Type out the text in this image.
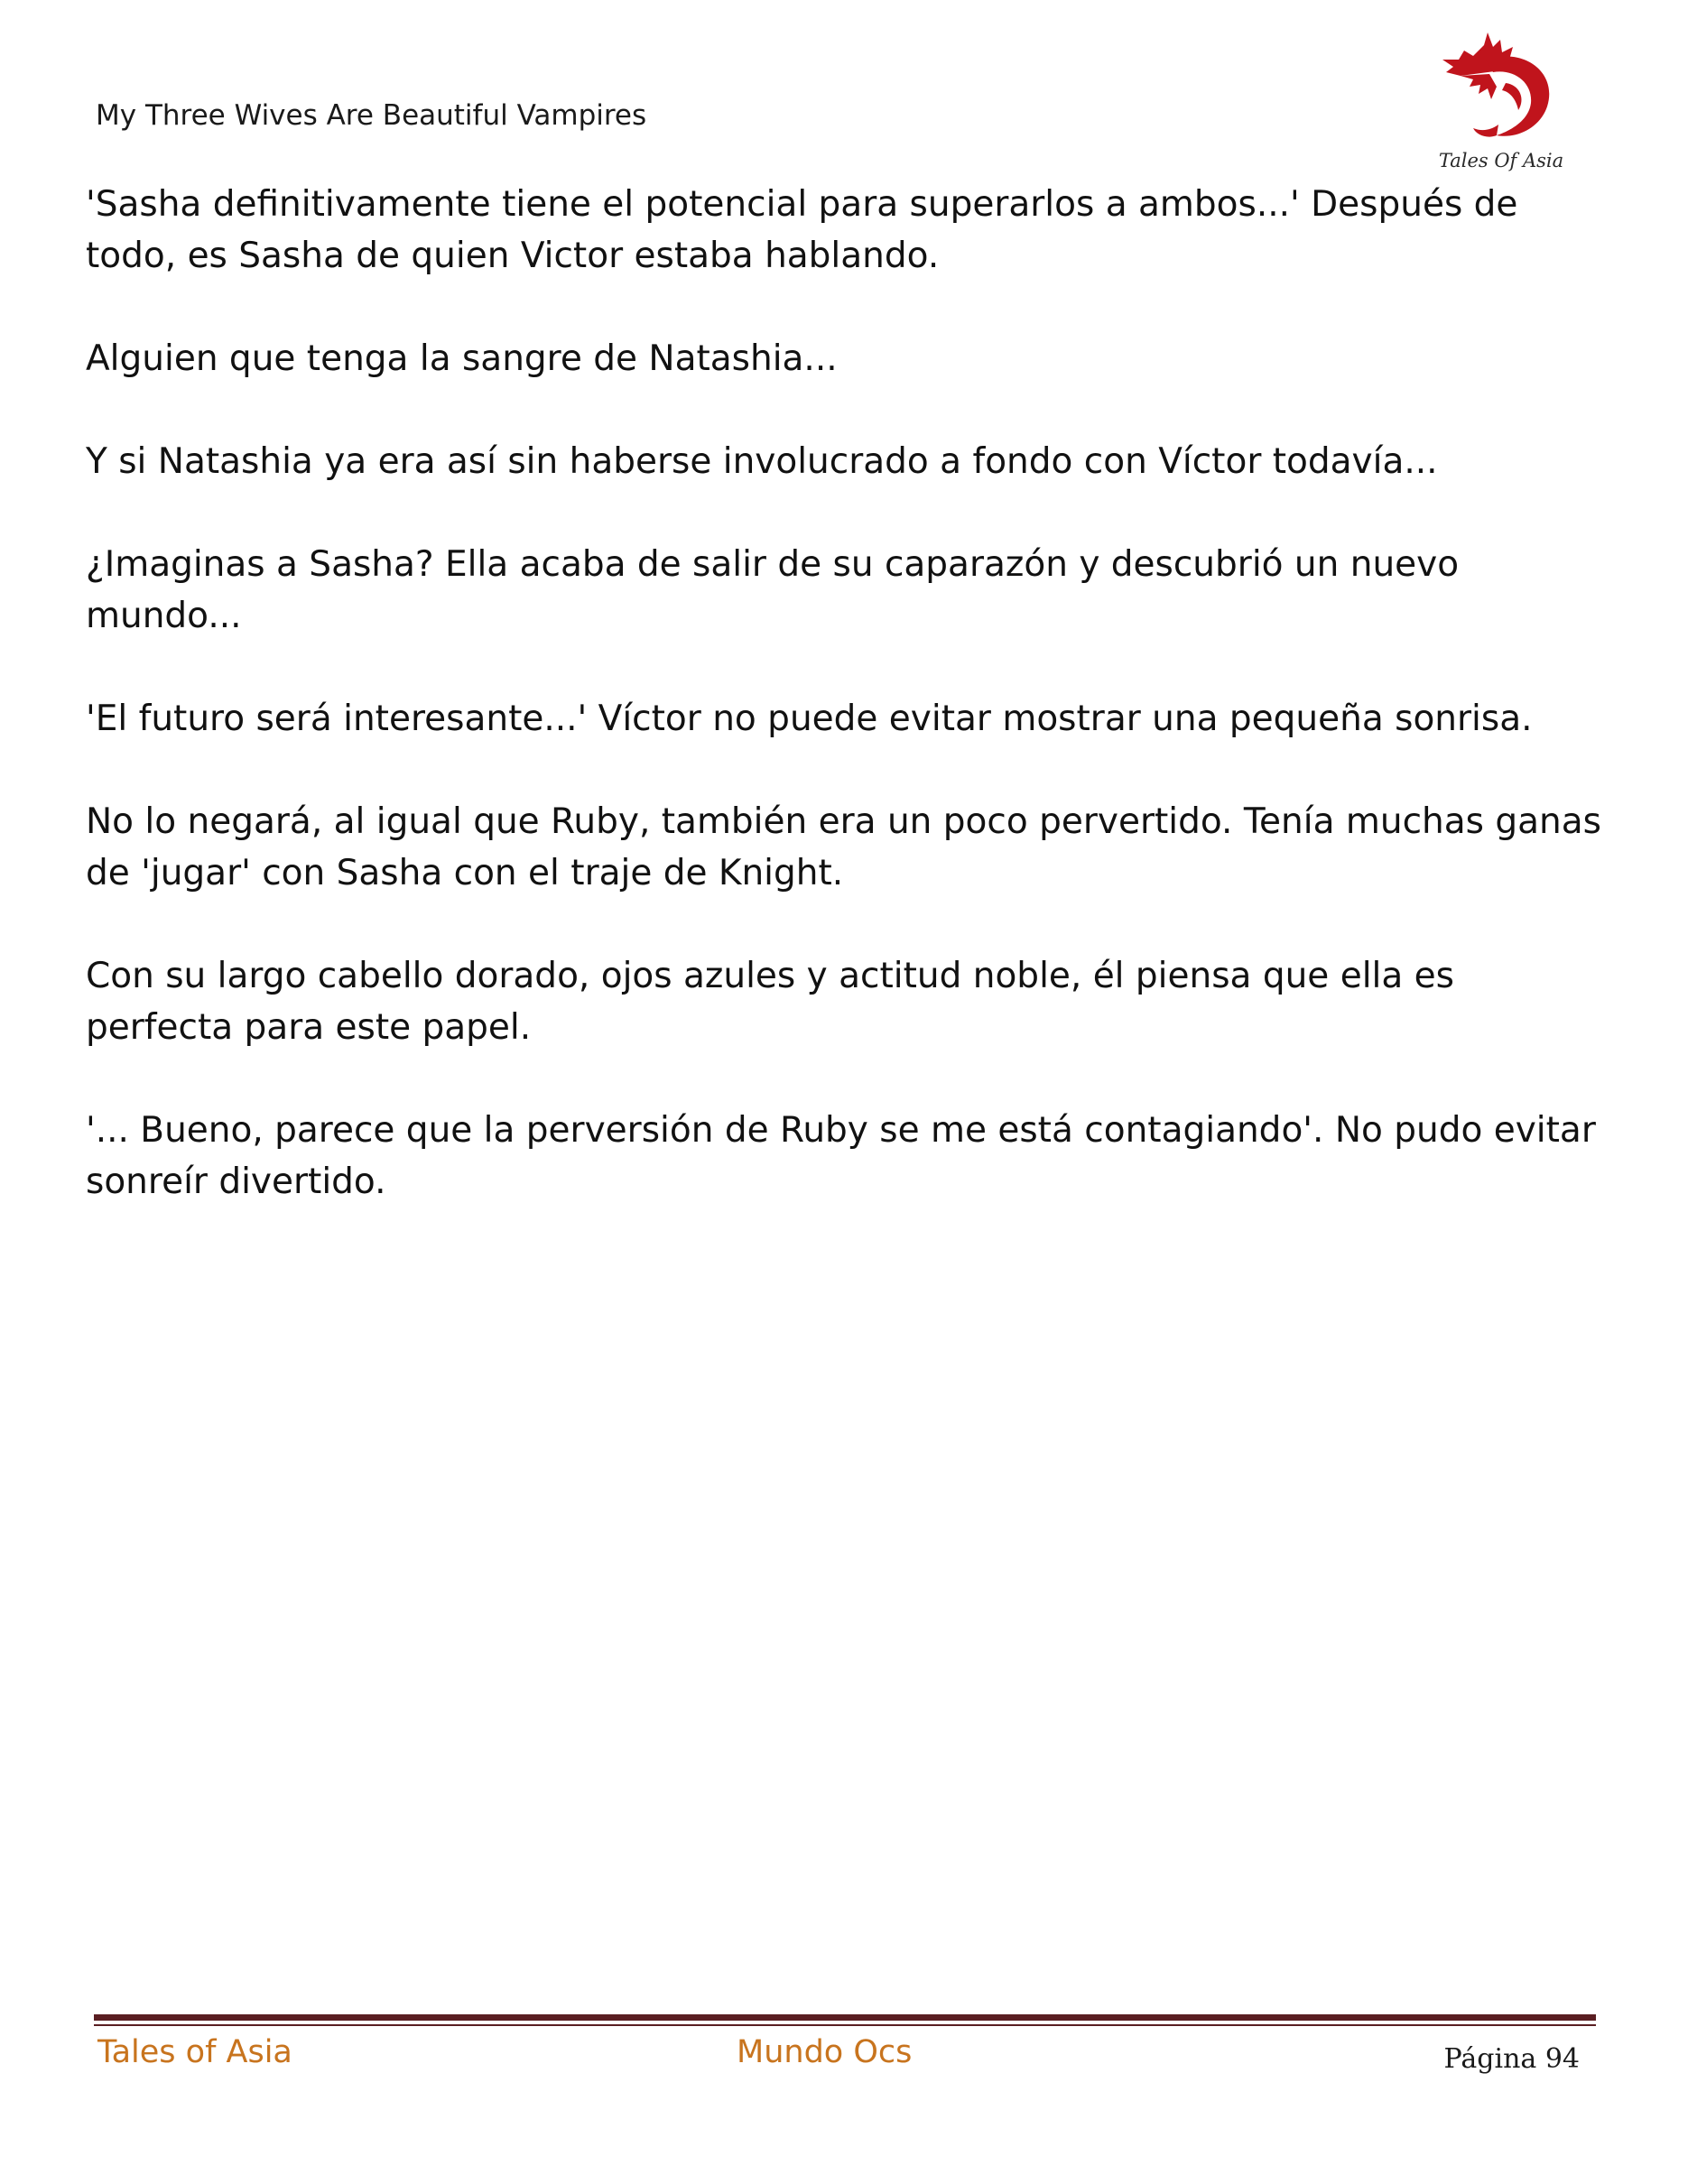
My Three Wives Are Beautiful Vampires
Tales Of Asia

'Sasha definitivamente tiene el potencial para superarlos a ambos...' Después de todo, es Sasha de quien Victor estaba hablando.

Alguien que tenga la sangre de Natashia...

Y si Natashia ya era así sin haberse involucrado a fondo con Víctor todavía...

¿Imaginas a Sasha? Ella acaba de salir de su caparazón y descubrió un nuevo mundo...

'El futuro será interesante...' Víctor no puede evitar mostrar una pequeña sonrisa.

No lo negará, al igual que Ruby, también era un poco pervertido. Tenía muchas ganas de 'jugar' con Sasha con el traje de Knight.

Con su largo cabello dorado, ojos azules y actitud noble, él piensa que ella es perfecta para este papel.

'... Bueno, parece que la perversión de Ruby se me está contagiando'. No pudo evitar sonreír divertido.

Tales of Asia	Mundo Ocs	Página 94
